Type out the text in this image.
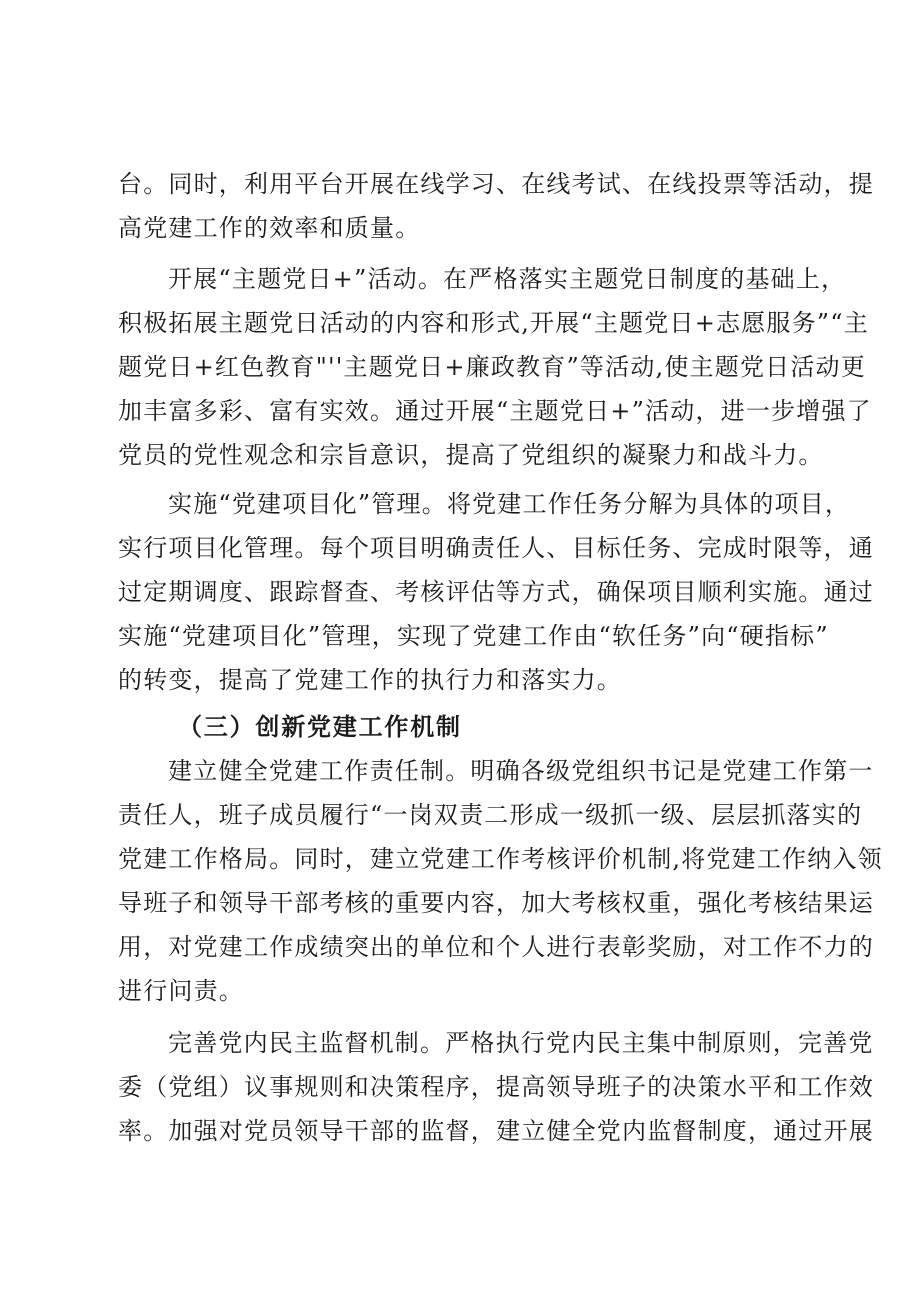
台。同时，利用平台开展在线学习、在线考试、在线投票等活动，提
高党建工作的效率和质量。
开展“主题党日+”活动。在严格落实主题党日制度的基础上，
积极拓展主题党日活动的内容和形式,开展“主题党日+志愿服务”“主
题党日+红色教育"''主题党日+廉政教育”等活动,使主题党日活动更
加丰富多彩、富有实效。通过开展“主题党日+”活动，进一步增强了
党员的党性观念和宗旨意识，提高了党组织的凝聚力和战斗力。
实施“党建项目化”管理。将党建工作任务分解为具体的项目，
实行项目化管理。每个项目明确责任人、目标任务、完成时限等，通
过定期调度、跟踪督查、考核评估等方式，确保项目顺利实施。通过
实施“党建项目化”管理，实现了党建工作由“软任务”向“硬指标”
的转变，提高了党建工作的执行力和落实力。
（三）创新党建工作机制
建立健全党建工作责任制。明确各级党组织书记是党建工作第一
责任人，班子成员履行“一岗双责二形成一级抓一级、层层抓落实的
党建工作格局。同时，建立党建工作考核评价机制,将党建工作纳入领
导班子和领导干部考核的重要内容，加大考核权重，强化考核结果运
用，对党建工作成绩突出的单位和个人进行表彰奖励，对工作不力的
进行问责。
完善党内民主监督机制。严格执行党内民主集中制原则，完善党
委（党组）议事规则和决策程序，提高领导班子的决策水平和工作效
率。加强对党员领导干部的监督，建立健全党内监督制度，通过开展
